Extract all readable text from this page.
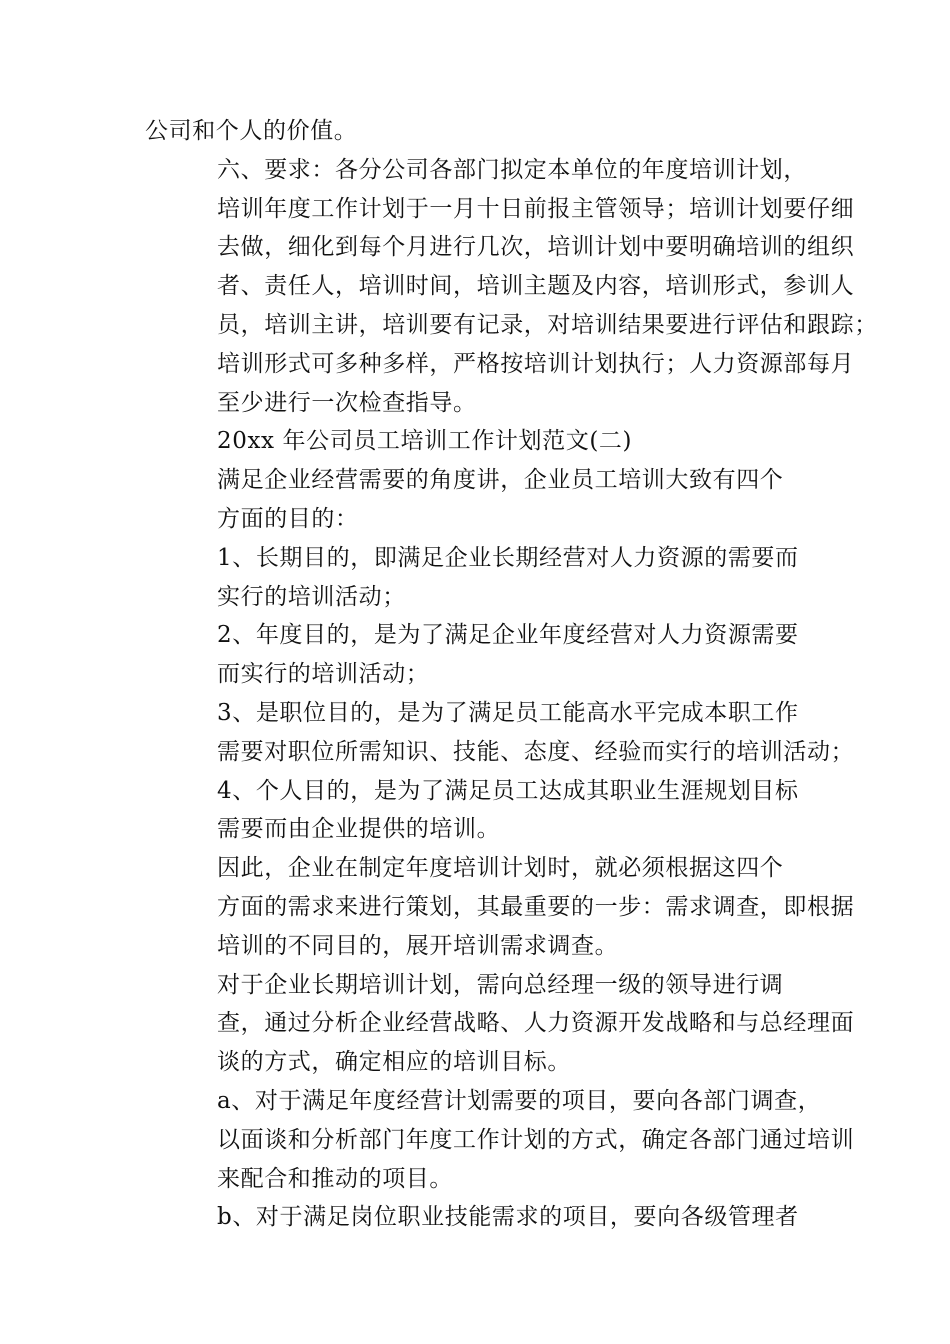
公司和个人的价值。

六、要求：各分公司各部门拟定本单位的年度培训计划，
培训年度工作计划于一月十日前报主管领导；培训计划要仔细
去做，细化到每个月进行几次，培训计划中要明确培训的组织
者、责任人，培训时间，培训主题及内容，培训形式，参训人
员，培训主讲，培训要有记录，对培训结果要进行评估和跟踪；
培训形式可多种多样，严格按培训计划执行；人力资源部每月
至少进行一次检查指导。

20xx 年公司员工培训工作计划范文(二)

满足企业经营需要的角度讲，企业员工培训大致有四个
方面的目的：

1、长期目的，即满足企业长期经营对人力资源的需要而
实行的培训活动；

2、年度目的，是为了满足企业年度经营对人力资源需要
而实行的培训活动；

3、是职位目的，是为了满足员工能高水平完成本职工作
需要对职位所需知识、技能、态度、经验而实行的培训活动；

4、个人目的，是为了满足员工达成其职业生涯规划目标
需要而由企业提供的培训。

因此，企业在制定年度培训计划时，就必须根据这四个
方面的需求来进行策划，其最重要的一步：需求调查，即根据
培训的不同目的，展开培训需求调查。

对于企业长期培训计划，需向总经理一级的领导进行调
查，通过分析企业经营战略、人力资源开发战略和与总经理面
谈的方式，确定相应的培训目标。

a、对于满足年度经营计划需要的项目，要向各部门调查，
以面谈和分析部门年度工作计划的方式，确定各部门通过培训
来配合和推动的项目。

b、对于满足岗位职业技能需求的项目，要向各级管理者
